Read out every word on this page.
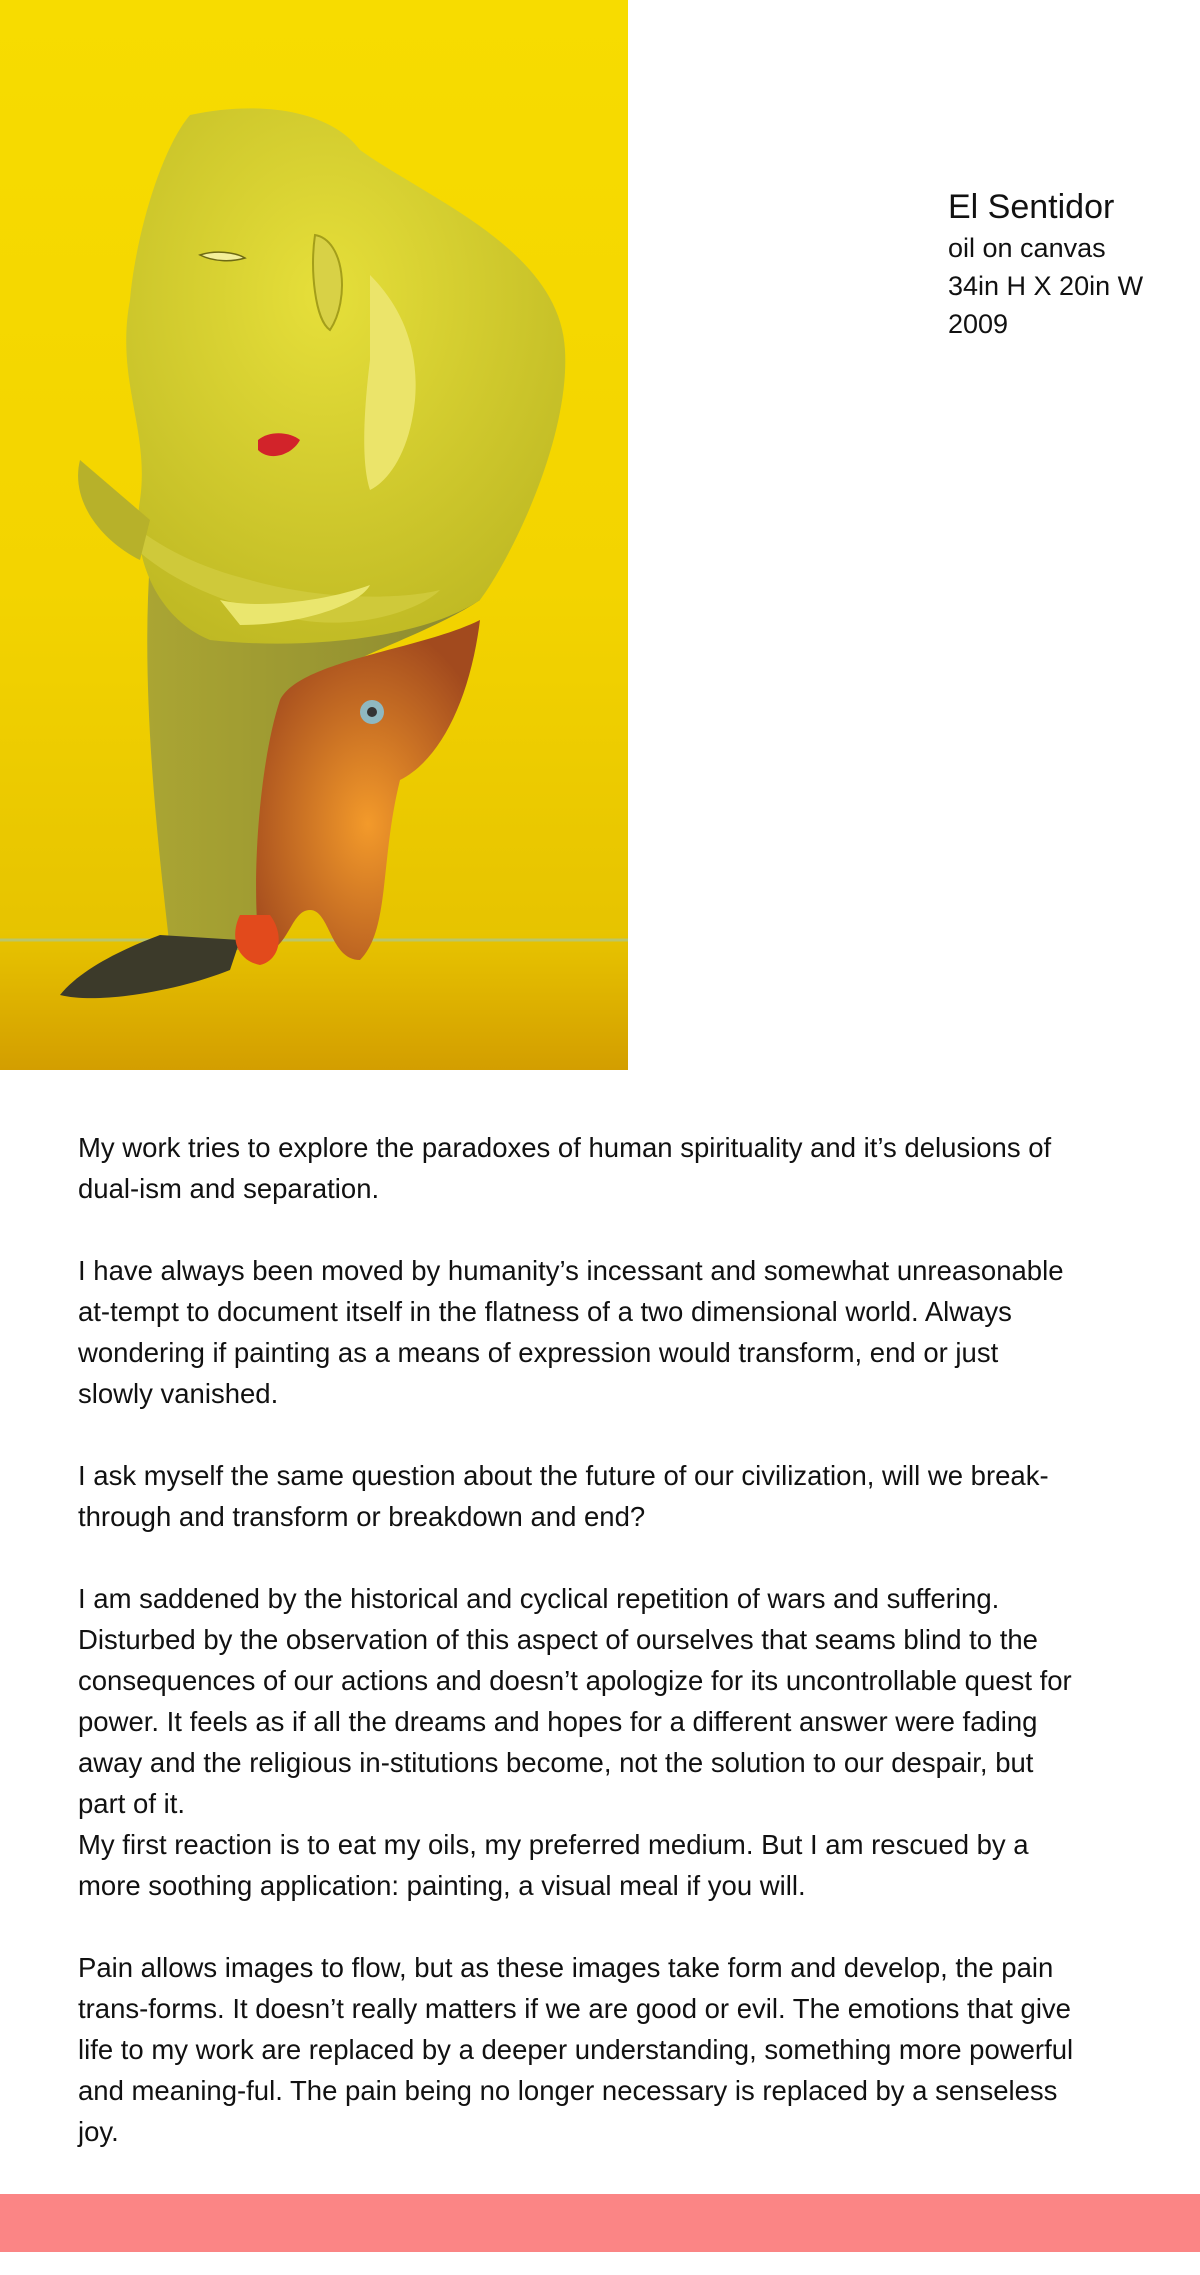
El Sentidor
oil on canvas
34in H X 20in W
2009

My work tries to explore the paradoxes of human spirituality and it’s delusions of dual-ism and separation.

I have always been moved by humanity’s incessant and somewhat unreasonable at-tempt to document itself in the flatness of a two dimensional world. Always wondering if painting as a means of expression would transform, end or just slowly vanished.

I ask myself the same question about the future of our civilization, will we break-through and transform or breakdown and end?

I am saddened by the historical and cyclical repetition of wars and suffering. Disturbed by the observation of this aspect of ourselves that seams blind to the consequences of our actions and doesn’t apologize for its uncontrollable quest for power. It feels as if all the dreams and hopes for a different answer were fading away and the religious in-stitutions become, not the solution to our despair, but part of it.

My first reaction is to eat my oils, my preferred medium. But I am rescued by a more soothing application: painting, a visual meal if you will.

Pain allows images to flow, but as these images take form and develop, the pain trans-forms. It doesn’t really matters if we are good or evil. The emotions that give life to my work are replaced by a deeper understanding, something more powerful and meaning-ful. The pain being no longer necessary is replaced by a senseless joy.
